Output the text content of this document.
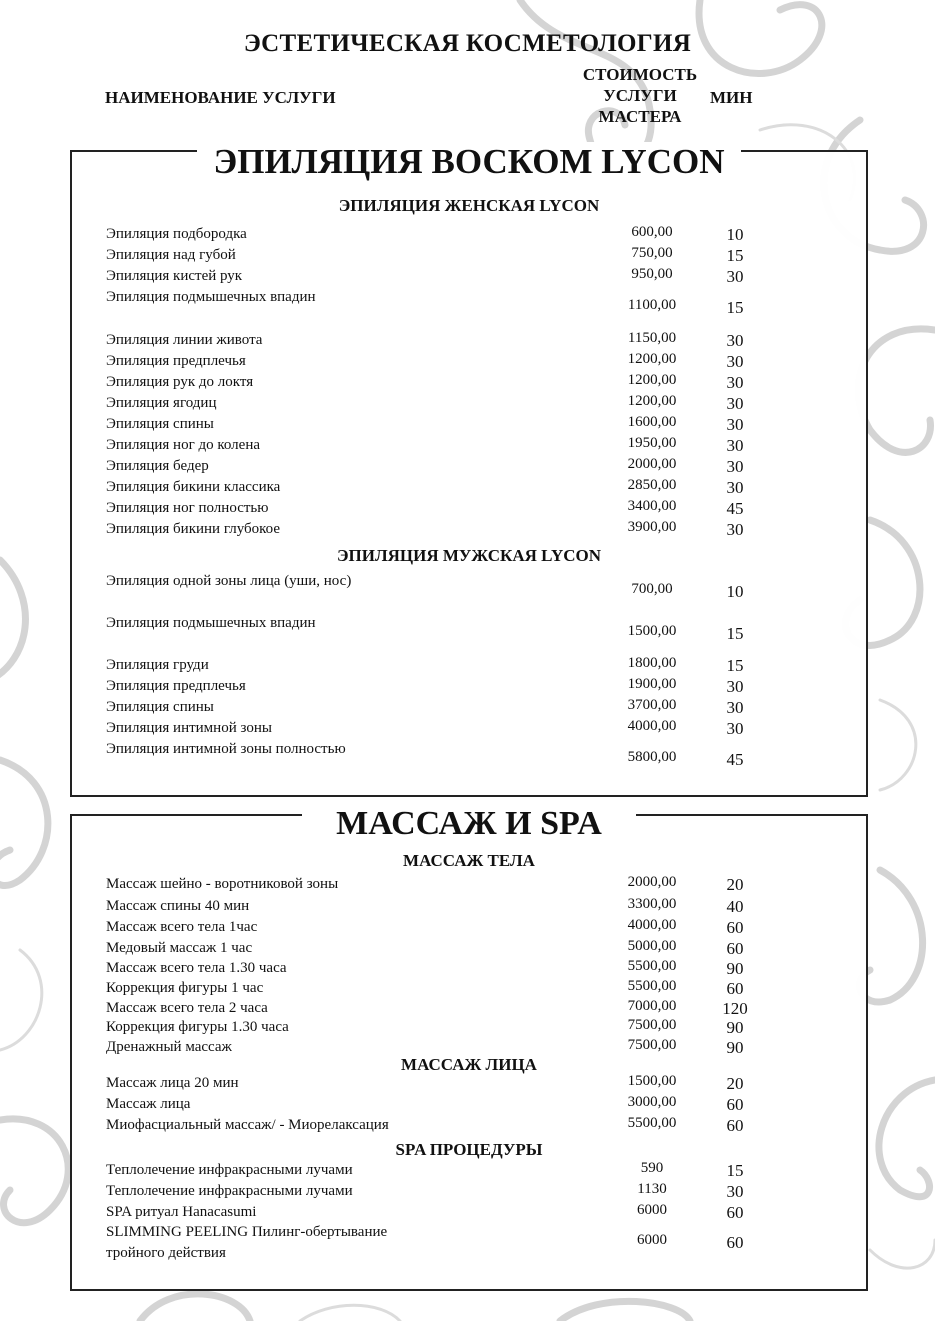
ЭСТЕТИЧЕСКАЯ КОСМЕТОЛОГИЯ
НАИМЕНОВАНИЕ УСЛУГИ
СТОИМОСТЬ
УСЛУГИ
МАСТЕРА
МИН
ЭПИЛЯЦИЯ ВОСКОМ LYCON
ЭПИЛЯЦИЯ ЖЕНСКАЯ LYCON
ЭПИЛЯЦИЯ МУЖСКАЯ LYCON
Эпиляция подбородка	600,00	10
Эпиляция над губой	750,00	15
Эпиляция кистей рук	950,00	30
Эпиляция подмышечных впадин	1100,00	15
Эпиляция линии живота	1150,00	30
Эпиляция предплечья	1200,00	30
Эпиляция рук до локтя	1200,00	30
Эпиляция ягодиц	1200,00	30
Эпиляция спины	1600,00	30
Эпиляция ног до колена	1950,00	30
Эпиляция бедер	2000,00	30
Эпиляция бикини классика	2850,00	30
Эпиляция ног полностью	3400,00	45
Эпиляция бикини глубокое	3900,00	30
Эпиляция одной зоны лица (уши, нос)	700,00	10
Эпиляция подмышечных впадин	1500,00	15
Эпиляция груди	1800,00	15
Эпиляция предплечья	1900,00	30
Эпиляция спины	3700,00	30
Эпиляция интимной зоны	4000,00	30
Эпиляция интимной зоны полностью	5800,00	45
МАССАЖ И SPA
МАССАЖ ТЕЛА
МАССАЖ ЛИЦА
SPA ПРОЦЕДУРЫ
Массаж шейно - воротниковой зоны	2000,00	20
Массаж спины 40 мин	3300,00	40
Массаж всего тела 1час	4000,00	60
Медовый массаж 1 час	5000,00	60
Массаж всего тела 1.30 часа	5500,00	90
Коррекция фигуры 1 час	5500,00	60
Массаж всего тела 2 часа	7000,00	120
Коррекция фигуры 1.30 часа	7500,00	90
Дренажный массаж	7500,00	90
Массаж лица 20 мин	1500,00	20
Массаж лица	3000,00	60
Миофасциальный массаж/ - Миорелаксация	5500,00	60
Теплолечение инфракрасными лучами	590	15
Теплолечение инфракрасными лучами	1130	30
SPA ритуал Hanacasumi	6000	60
SLIMMING PEELING Пилинг-обертывание тройного действия
6000	60
